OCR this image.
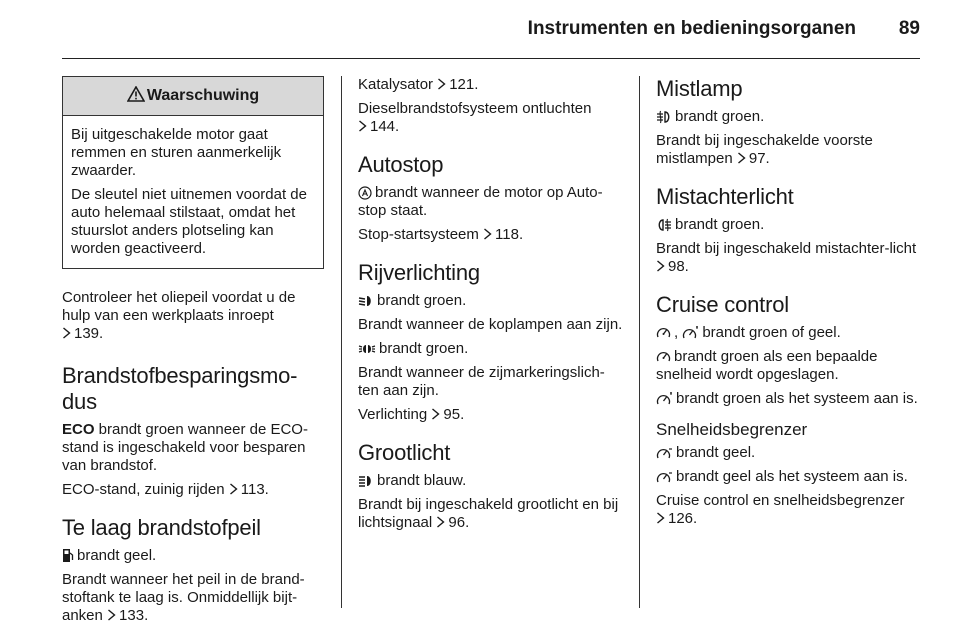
Instrumenten en bedieningsorganen 89
Waarschuwing

Bij uitgeschakelde motor gaat remmen en sturen aanmerkelijk zwaarder.

De sleutel niet uitnemen voordat de auto helemaal stilstaat, omdat het stuurslot anders plotseling kan worden geactiveerd.

Controleer het oliepeil voordat u de hulp van een werkplaats inroept
139.

Brandstofbesparingsmo-dus

ECO brandt groen wanneer de ECO-stand is ingeschakeld voor besparen van brandstof.

ECO-stand, zuinig rijden 113.

Te laag brandstofpeil

brandt geel.

Brandt wanneer het peil in de brand-stoftank te laag is. Onmiddellijk bijt-anken 133.

Katalysator 121.

Dieselbrandstofsysteem ontluchten
144.

Autostop

brandt wanneer de motor op Auto-stop staat.

Stop-startsysteem 118.

Rijverlichting

brandt groen.

Brandt wanneer de koplampen aan zijn.

brandt groen.

Brandt wanneer de zijmarkeringslich-ten aan zijn.

Verlichting 95.

Grootlicht

brandt blauw.

Brandt bij ingeschakeld grootlicht en bij lichtsignaal 96.

Mistlamp

brandt groen.

Brandt bij ingeschakelde voorste mistlampen 97.

Mistachterlicht

brandt groen.

Brandt bij ingeschakeld mistachter-licht 98.

Cruise control

, brandt groen of geel.

brandt groen als een bepaalde snelheid wordt opgeslagen.

brandt groen als het systeem aan is.

Snelheidsbegrenzer

brandt geel.

brandt geel als het systeem aan is.

Cruise control en snelheidsbegrenzer
126.
